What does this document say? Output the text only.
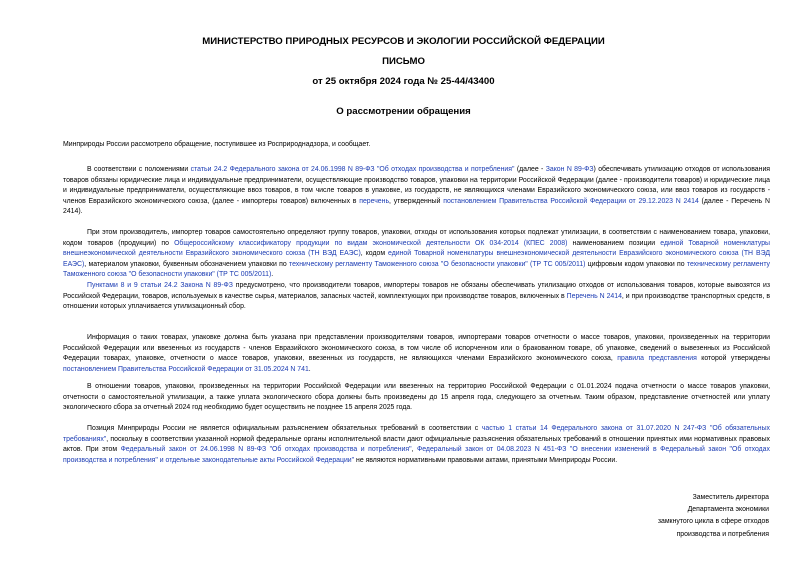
МИНИСТЕРСТВО ПРИРОДНЫХ РЕСУРСОВ И ЭКОЛОГИИ РОССИЙСКОЙ ФЕДЕРАЦИИ
ПИСЬМО
от 25 октября 2024 года № 25-44/43400
О рассмотрении обращения
Минприроды России рассмотрело обращение, поступившее из Росприроднадзора, и сообщает.
В соответствии с положениями статьи 24.2 Федерального закона от 24.06.1998 N 89-ФЗ "Об отходах производства и потребления" (далее - Закон N 89-ФЗ) обеспечивать утилизацию отходов от использования товаров обязаны юридические лица и индивидуальные предприниматели, осуществляющие производство товаров, упаковки на территории Российской Федерации (далее - производители товаров) и юридические лица и индивидуальные предприниматели, осуществляющие ввоз товаров, в том числе товаров в упаковке, из государств, не являющихся членами Евразийского экономического союза, или ввоз товаров из государств - членов Евразийского экономического союза, (далее - импортеры товаров) включенных в перечень, утвержденный постановлением Правительства Российской Федерации от 29.12.2023 N 2414 (далее - Перечень N 2414).
При этом производитель, импортер товаров самостоятельно определяют группу товаров, упаковки, отходы от использования которых подлежат утилизации, в соответствии с наименованием товара, упаковки, кодом товаров (продукции) по Общероссийскому классификатору продукции по видам экономической деятельности ОК 034-2014 (КПЕС 2008) наименованием позиции единой Товарной номенклатуры внешнеэкономической деятельности Евразийского экономического союза (ТН ВЭД ЕАЭС), кодом единой Товарной номенклатуры внешнеэкономической деятельности Евразийского экономического союза (ТН ВЭД ЕАЭС), материалом упаковки, буквенным обозначением упаковки по техническому регламенту Таможенного союза "О безопасности упаковки" (ТР ТС 005/2011) цифровым кодом упаковки по техническому регламенту Таможенного союза "О безопасности упаковки" (ТР ТС 005/2011).
Пунктами 8 и 9 статьи 24.2 Закона N 89-ФЗ предусмотрено, что производители товаров, импортеры товаров не обязаны обеспечивать утилизацию отходов от использования товаров, которые вывозятся из Российской Федерации, товаров, используемых в качестве сырья, материалов, запасных частей, комплектующих при производстве товаров, включенных в Перечень N 2414, и при производстве транспортных средств, в отношении которых уплачивается утилизационный сбор.
Информация о таких товарах, упаковке должна быть указана при представлении производителями товаров, импортерами товаров отчетности о массе товаров, упаковки, произведенных на территории Российской Федерации или ввезенных из государств - членов Евразийского экономического союза, в том числе об испорченном или о бракованном товаре, об упаковке, сведений о вывезенных из Российской Федерации товарах, упаковке, отчетности о массе товаров, упаковки, ввезенных из государств, не являющихся членами Евразийского экономического союза, правила представления которой утверждены постановлением Правительства Российской Федерации от 31.05.2024 N 741.
В отношении товаров, упаковки, произведенных на территории Российской Федерации или ввезенных на территорию Российской Федерации с 01.01.2024 подача отчетности о массе товаров упаковки, отчетности о самостоятельной утилизации, а также уплата экологического сбора должны быть произведены до 15 апреля года, следующего за отчетным. Таким образом, представление отчетностей или уплату экологического сбора за отчетный 2024 год необходимо будет осуществить не позднее 15 апреля 2025 года.
Позиция Минприроды России не является официальным разъяснением обязательных требований в соответствии с частью 1 статьи 14 Федерального закона от 31.07.2020 N 247-ФЗ "Об обязательных требованиях", поскольку в соответствии указанной нормой федеральные органы исполнительной власти дают официальные разъяснения обязательных требований в отношении принятых ими нормативных правовых актов. При этом Федеральный закон от 24.06.1998 N 89-ФЗ "Об отходах производства и потребления", Федеральный закон от 04.08.2023 N 451-ФЗ "О внесении изменений в Федеральный закон "Об отходах производства и потребления" и отдельные законодательные акты Российской Федерации" не являются нормативными правовыми актами, принятыми Минприроды России.
Заместитель директора
Департамента экономики
замкнутого цикла в сфере отходов
производства и потребления
